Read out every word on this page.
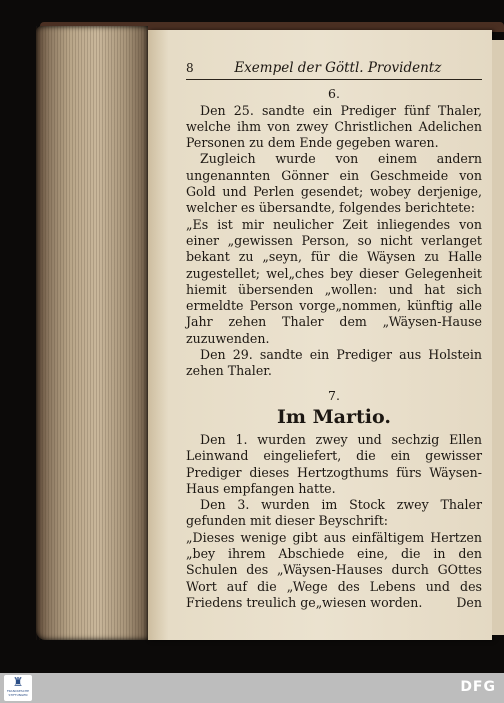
8	Exempel der Göttl. Providentz
6.

Den 25. sandte ein Prediger fünf Thaler, welche ihm von zwey Christlichen Adelichen Personen zu dem Ende gegeben waren.

Zugleich wurde von einem andern ungenannten Gönner ein Geschmeide von Gold und Perlen gesendet; wobey derjenige, welcher es übersandte, folgendes berichtete:

„Es ist mir neulicher Zeit inliegendes von einer „gewissen Person, so nicht verlanget bekant zu „seyn, für die Wäysen zu Halle zugestellet; wel„ches bey dieser Gelegenheit hiemit übersenden „wollen: und hat sich ermeldte Person vorge„nommen, künftig alle Jahr zehen Thaler dem „Wäysen-Hause zuzuwenden.

Den 29. sandte ein Prediger aus Holstein zehen Thaler.

7.
Im Martio.

Den 1. wurden zwey und sechzig Ellen Leinwand eingeliefert, die ein gewisser Prediger dieses Hertzogthums fürs Wäysen-Haus empfangen hatte.

Den 3. wurden im Stock zwey Thaler gefunden mit dieser Beyschrift:

„Dieses wenige gibt aus einfältigem Hertzen „bey ihrem Abschiede eine, die in den Schulen des „Wäysen-Hauses durch GOttes Wort auf die „Wege des Lebens und des Friedens treulich ge„wiesen worden.	Den
♜
FRANCKESCHE STIFTUNGEN	DFG
